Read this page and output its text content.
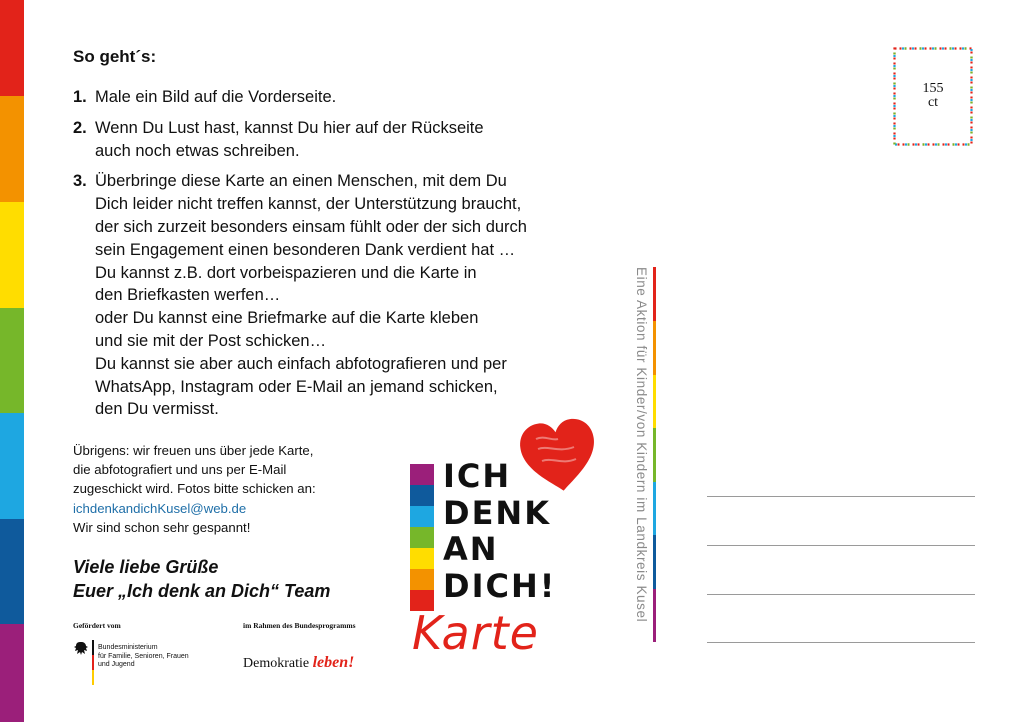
So geht´s:
1. Male ein Bild auf die Vorderseite.
2. Wenn Du Lust hast, kannst Du hier auf der Rückseite
auch noch etwas schreiben.
3. Überbringe diese Karte an einen Menschen, mit dem Du
Dich leider nicht treffen kannst, der Unterstützung braucht,
der sich zurzeit besonders einsam fühlt oder der sich durch
sein Engagement einen besonderen Dank verdient hat …
Du kannst z.B. dort vorbeispazieren und die Karte in
den Briefkasten werfen…
oder Du kannst eine Briefmarke auf die Karte kleben
und sie mit der Post schicken…
Du kannst sie aber auch einfach abfotografieren und per
WhatsApp, Instagram oder E-Mail an jemand schicken,
den Du vermisst.
Übrigens: wir freuen uns über jede Karte,
die abfotografiert und uns per E-Mail
zugeschickt wird. Fotos bitte schicken an:
ichdenkandichKusel@web.de
Wir sind schon sehr gespannt!
Viele liebe Grüße
Euer „Ich denk an Dich“ Team
Gefördert vom	im Rahmen des Bundesprogramms
Bundesministerium
für Familie, Senioren, Frauen
und Jugend	Demokratie leben!
ICH
DENK
AN
DICH!
Karte
155
ct
Eine Aktion für Kinder/von Kindern im Landkreis Kusel
